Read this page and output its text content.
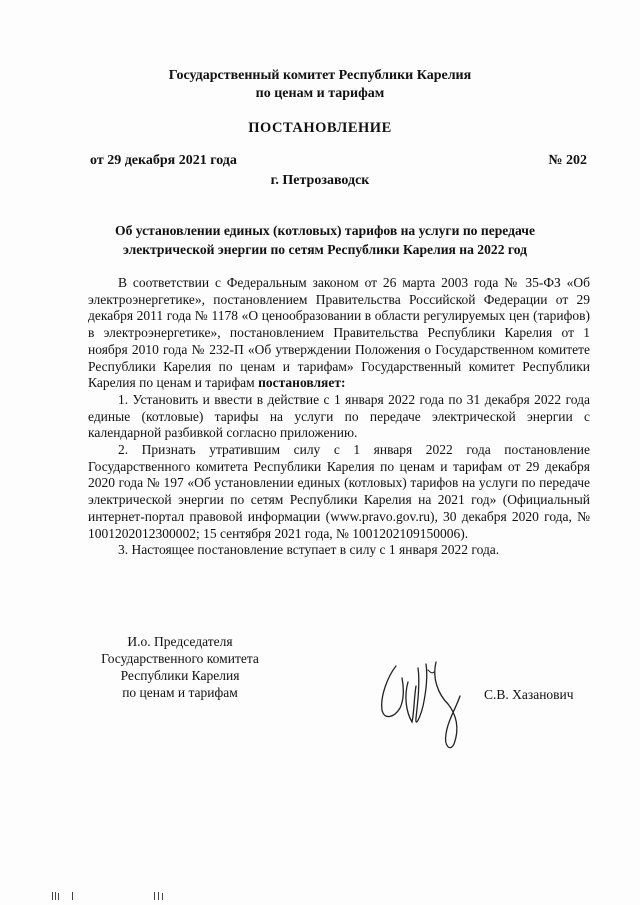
Государственный комитет Республики Карелия
по ценам и тарифам
ПОСТАНОВЛЕНИЕ
от 29 декабря 2021 года	№ 202
г. Петрозаводск
Об установлении единых (котловых) тарифов на услуги по передаче
электрической энергии по сетям Республики Карелия на 2022 год

В соответствии с Федеральным законом от 26 марта 2003 года № 35-ФЗ «Об электроэнергетике», постановлением Правительства Российской Федерации от 29 декабря 2011 года № 1178 «О ценообразовании в области регулируемых цен (тарифов) в электроэнергетике», постановлением Правительства Республики Карелия от 1 ноября 2010 года № 232-П «Об утверждении Положения о Государственном комитете Республики Карелия по ценам и тарифам» Государственный комитет Республики Карелия по ценам и тарифам постановляет:

1. Установить и ввести в действие с 1 января 2022 года по 31 декабря 2022 года единые (котловые) тарифы на услуги по передаче электрической энергии с календарной разбивкой согласно приложению.

2. Признать утратившим силу с 1 января 2022 года постановление Государственного комитета Республики Карелия по ценам и тарифам от 29 декабря 2020 года № 197 «Об установлении единых (котловых) тарифов на услуги по передаче электрической энергии по сетям Республики Карелия на 2021 год» (Официальный интернет-портал правовой информации (www.pravo.gov.ru), 30 декабря 2020 года, № 1001202012300002; 15 сентября 2021 года, № 1001202109150006).

3. Настоящее постановление вступает в силу с 1 января 2022 года.

И.о. Председателя
Государственного комитета
Республики Карелия
по ценам и тарифам	С.В. Хазанович
